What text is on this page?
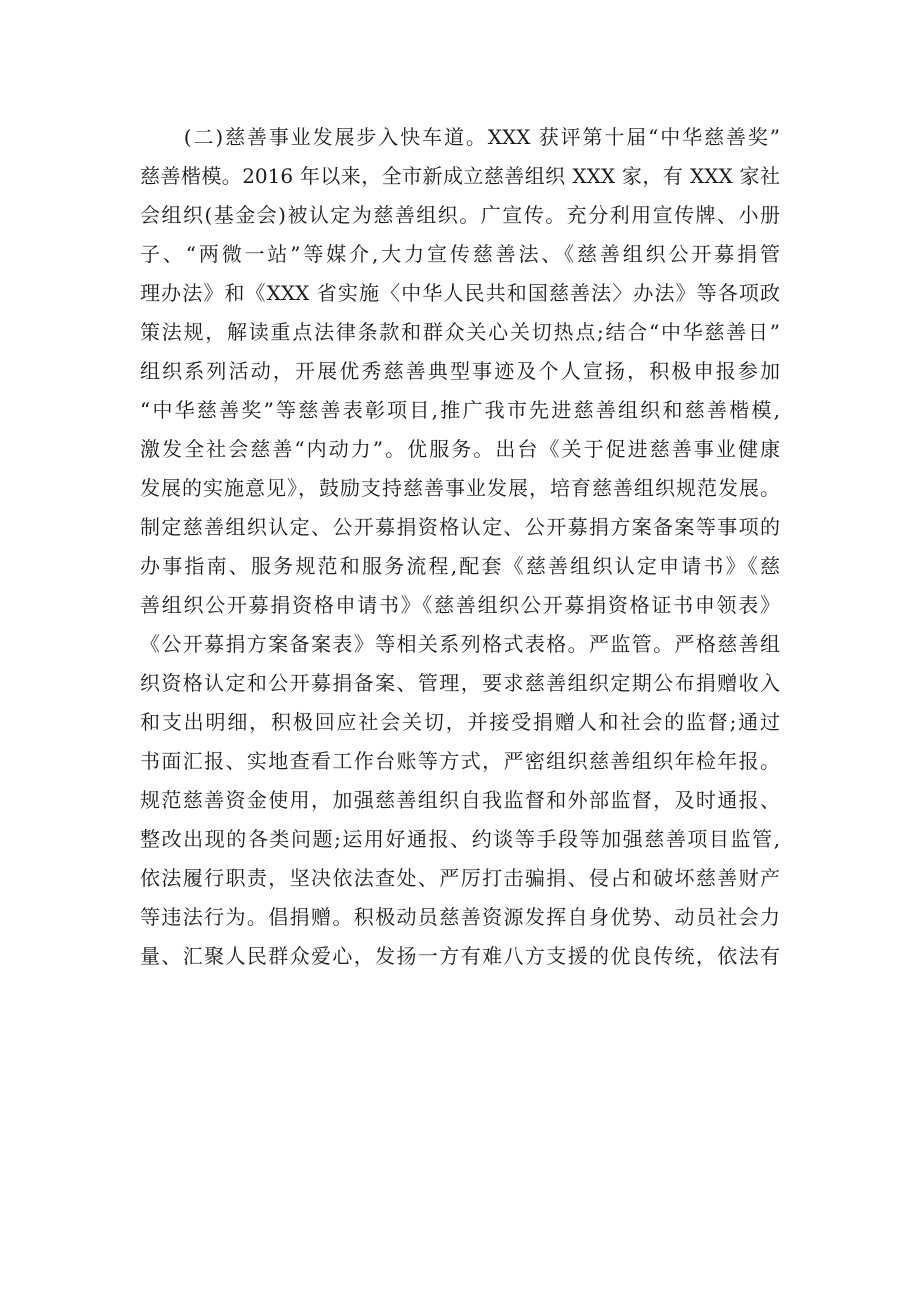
　　(二)慈善事业发展步入快车道。XXX 获评第十届“中华慈善奖”
慈善楷模。2016 年以来，全市新成立慈善组织 XXX 家，有 XXX 家社
会组织(基金会)被认定为慈善组织。广宣传。充分利用宣传牌、小册
子、“两微一站”等媒介,大力宣传慈善法、《慈善组织公开募捐管
理办法》和《XXX 省实施〈中华人民共和国慈善法〉办法》等各项政
策法规，解读重点法律条款和群众关心关切热点;结合“中华慈善日”
组织系列活动，开展优秀慈善典型事迹及个人宣扬，积极申报参加
“中华慈善奖”等慈善表彰项目,推广我市先进慈善组织和慈善楷模,
激发全社会慈善“内动力”。优服务。出台《关于促进慈善事业健康
发展的实施意见》，鼓励支持慈善事业发展，培育慈善组织规范发展。
制定慈善组织认定、公开募捐资格认定、公开募捐方案备案等事项的
办事指南、服务规范和服务流程,配套《慈善组织认定申请书》《慈
善组织公开募捐资格申请书》《慈善组织公开募捐资格证书申领表》
《公开募捐方案备案表》等相关系列格式表格。严监管。严格慈善组
织资格认定和公开募捐备案、管理，要求慈善组织定期公布捐赠收入
和支出明细，积极回应社会关切，并接受捐赠人和社会的监督;通过
书面汇报、实地查看工作台账等方式，严密组织慈善组织年检年报。
规范慈善资金使用，加强慈善组织自我监督和外部监督，及时通报、
整改出现的各类问题;运用好通报、约谈等手段等加强慈善项目监管,
依法履行职责，坚决依法查处、严厉打击骗捐、侵占和破坏慈善财产
等违法行为。倡捐赠。积极动员慈善资源发挥自身优势、动员社会力
量、汇聚人民群众爱心，发扬一方有难八方支援的优良传统，依法有
